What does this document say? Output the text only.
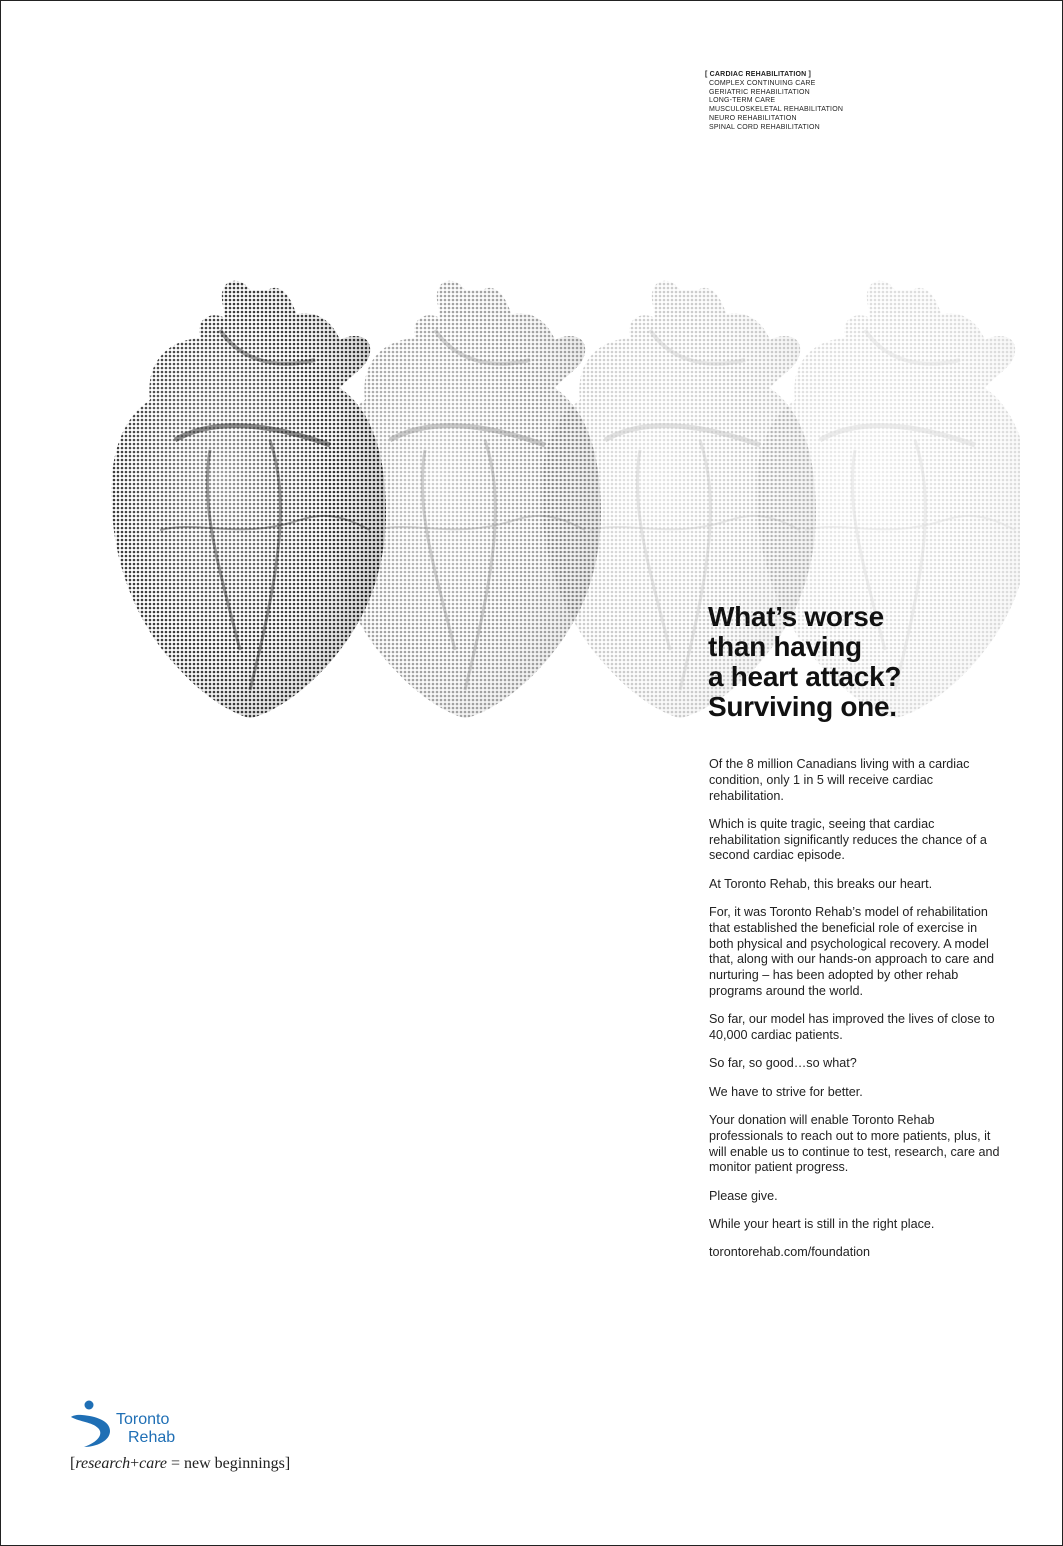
[ CARDIAC REHABILITATION ]
COMPLEX CONTINUING CARE
GERIATRIC REHABILITATION
LONG-TERM CARE
MUSCULOSKELETAL REHABILITATION
NEURO REHABILITATION
SPINAL CORD REHABILITATION
What’s worse
than having
a heart attack?
Surviving one.

Of the 8 million Canadians living with a cardiac condition, only 1 in 5 will receive cardiac rehabilitation.

Which is quite tragic, seeing that cardiac rehabilitation significantly reduces the chance of a second cardiac episode.

At Toronto Rehab, this breaks our heart.

For, it was Toronto Rehab’s model of rehabilitation that established the beneficial role of exercise in both physical and psychological recovery. A model that, along with our hands-on approach to care and nurturing – has been adopted by other rehab programs around the world.

So far, our model has improved the lives of close to 40,000 cardiac patients.

So far, so good…so what?

We have to strive for better.

Your donation will enable Toronto Rehab professionals to reach out to more patients, plus, it will enable us to continue to test, research, care and monitor patient progress.

Please give.

While your heart is still in the right place.

torontorehab.com/foundation

Toronto
Rehab
[research+care = new beginnings]
